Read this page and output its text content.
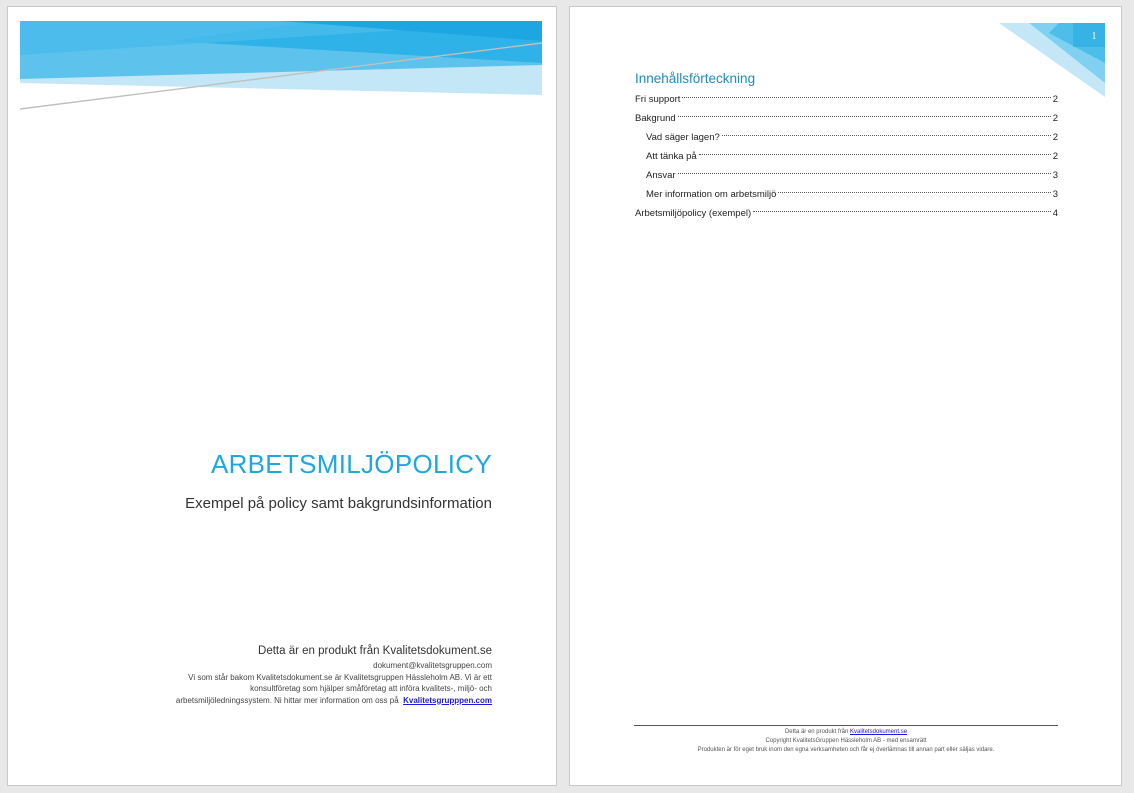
ARBETSMILJÖPOLICY
Exempel på policy samt bakgrundsinformation
Detta är en produkt från Kvalitetsdokument.se
dokument@kvalitetsgruppen.com
Vi som står bakom Kvalitetsdokument.se är Kvalitetsgruppen Hässleholm AB. Vi är ett
konsultföretag som hjälper småföretag att införa kvalitets-, miljö- och
arbetsmiljöledningssystem. Ni hittar mer information om oss på Kvalitetsgrupppen.com
1
Innehållsförteckning
Fri support	2
Bakgrund	2
Vad säger lagen?	2
Att tänka på	2
Ansvar	3
Mer information om arbetsmiljö	3
Arbetsmiljöpolicy (exempel)	4
Detta är en produkt från Kvalitetsdokument.se
Copyright KvalitetsGruppen Hässleholm AB - med ensamrätt
Produkten är för eget bruk inom den egna verksamheten och får ej överlämnas till annan part eller säljas vidare.
